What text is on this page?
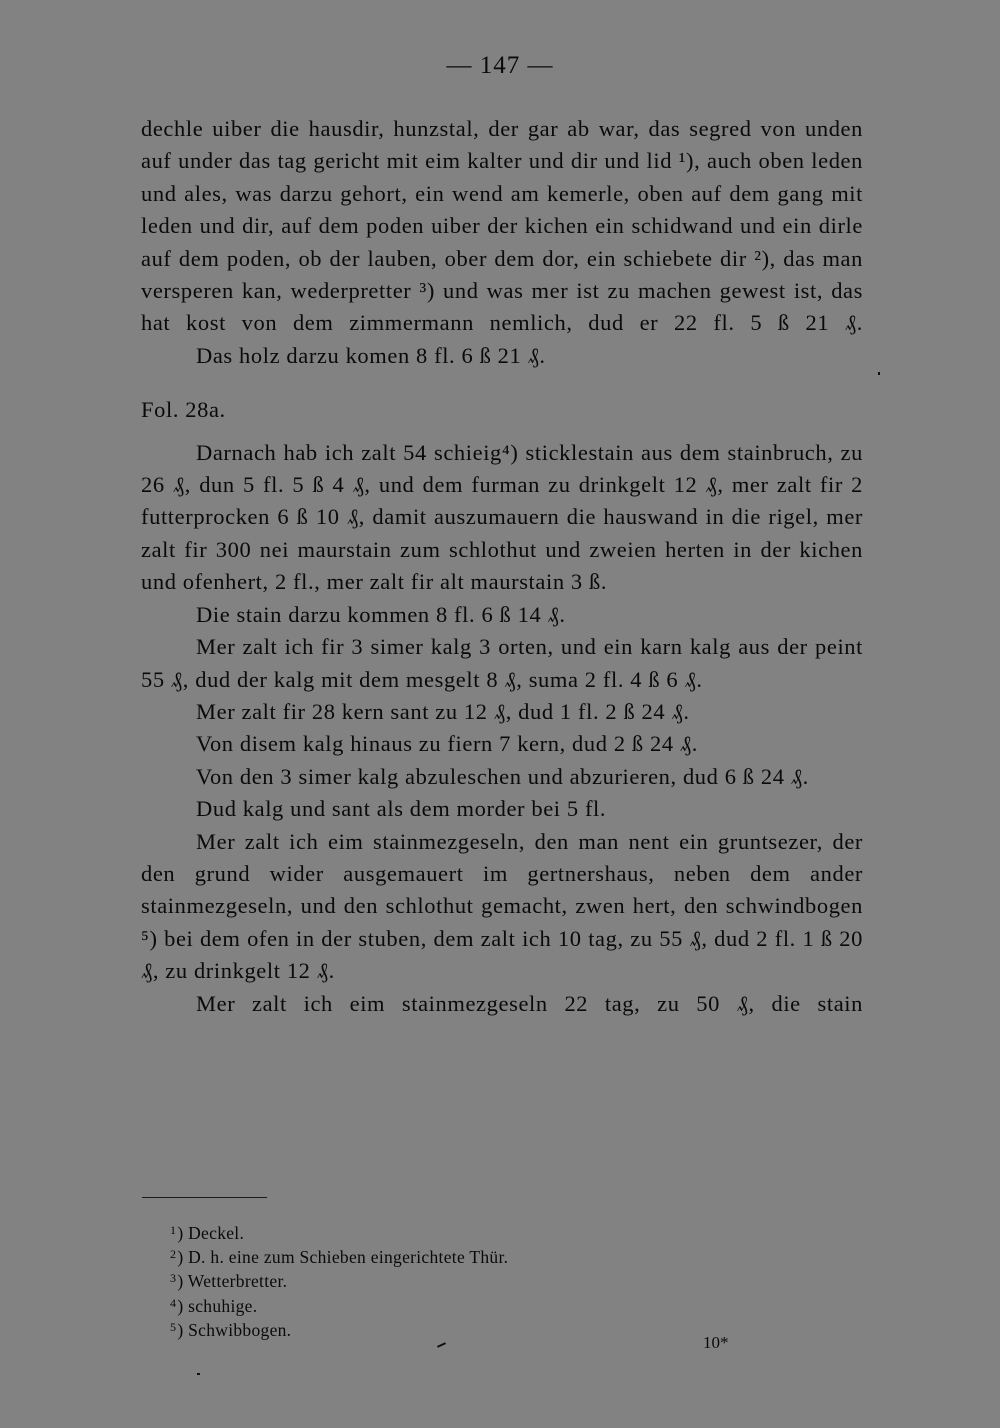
— 147 —

dechle uiber die hausdir, hunzstal, der gar ab war, das segred von unden auf under das tag gericht mit eim kalter und dir und lid ¹), auch oben leden und ales, was darzu gehort, ein wend am kemerle, oben auf dem gang mit leden und dir, auf dem poden uiber der kichen ein schidwand und ein dirle auf dem poden, ob der lauben, ober dem dor, ein schiebete dir ²), das man versperen kan, wederpretter ³) und was mer ist zu machen gewest ist, das hat kost von dem zimmermann nemlich, dud er 22 fl. 5 ß 21 ₰.

Das holz darzu komen 8 fl. 6 ß 21 ₰.

Fol. 28a.

Darnach hab ich zalt 54 schieig⁴) sticklestain aus dem stainbruch, zu 26 ₰, dun 5 fl. 5 ß 4 ₰, und dem furman zu drinkgelt 12 ₰, mer zalt fir 2 futterprocken 6 ß 10 ₰, damit auszumauern die hauswand in die rigel, mer zalt fir 300 nei maurstain zum schlothut und zweien herten in der kichen und ofenhert, 2 fl., mer zalt fir alt maurstain 3 ß.

Die stain darzu kommen 8 fl. 6 ß 14 ₰.

Mer zalt ich fir 3 simer kalg 3 orten, und ein karn kalg aus der peint 55 ₰, dud der kalg mit dem mesgelt 8 ₰, suma 2 fl. 4 ß 6 ₰.

Mer zalt fir 28 kern sant zu 12 ₰, dud 1 fl. 2 ß 24 ₰.

Von disem kalg hinaus zu fiern 7 kern, dud 2 ß 24 ₰.

Von den 3 simer kalg abzuleschen und abzurieren, dud 6 ß 24 ₰.

Dud kalg und sant als dem morder bei 5 fl.

Mer zalt ich eim stainmezgeseln, den man nent ein gruntsezer, der den grund wider ausgemauert im gertnershaus, neben dem ander stainmezgeseln, und den schlothut gemacht, zwen hert, den schwindbogen ⁵) bei dem ofen in der stuben, dem zalt ich 10 tag, zu 55 ₰, dud 2 fl. 1 ß 20 ₰, zu drinkgelt 12 ₰.

Mer zalt ich eim stainmezgeseln 22 tag, zu 50 ₰, die stain

$^1$) Deckel.
$^2$) D. h. eine zum Schieben eingerichtete Thür.
$^3$) Wetterbretter.
$^4$) schuhige.
$^5$) Schwibbogen.
10*
